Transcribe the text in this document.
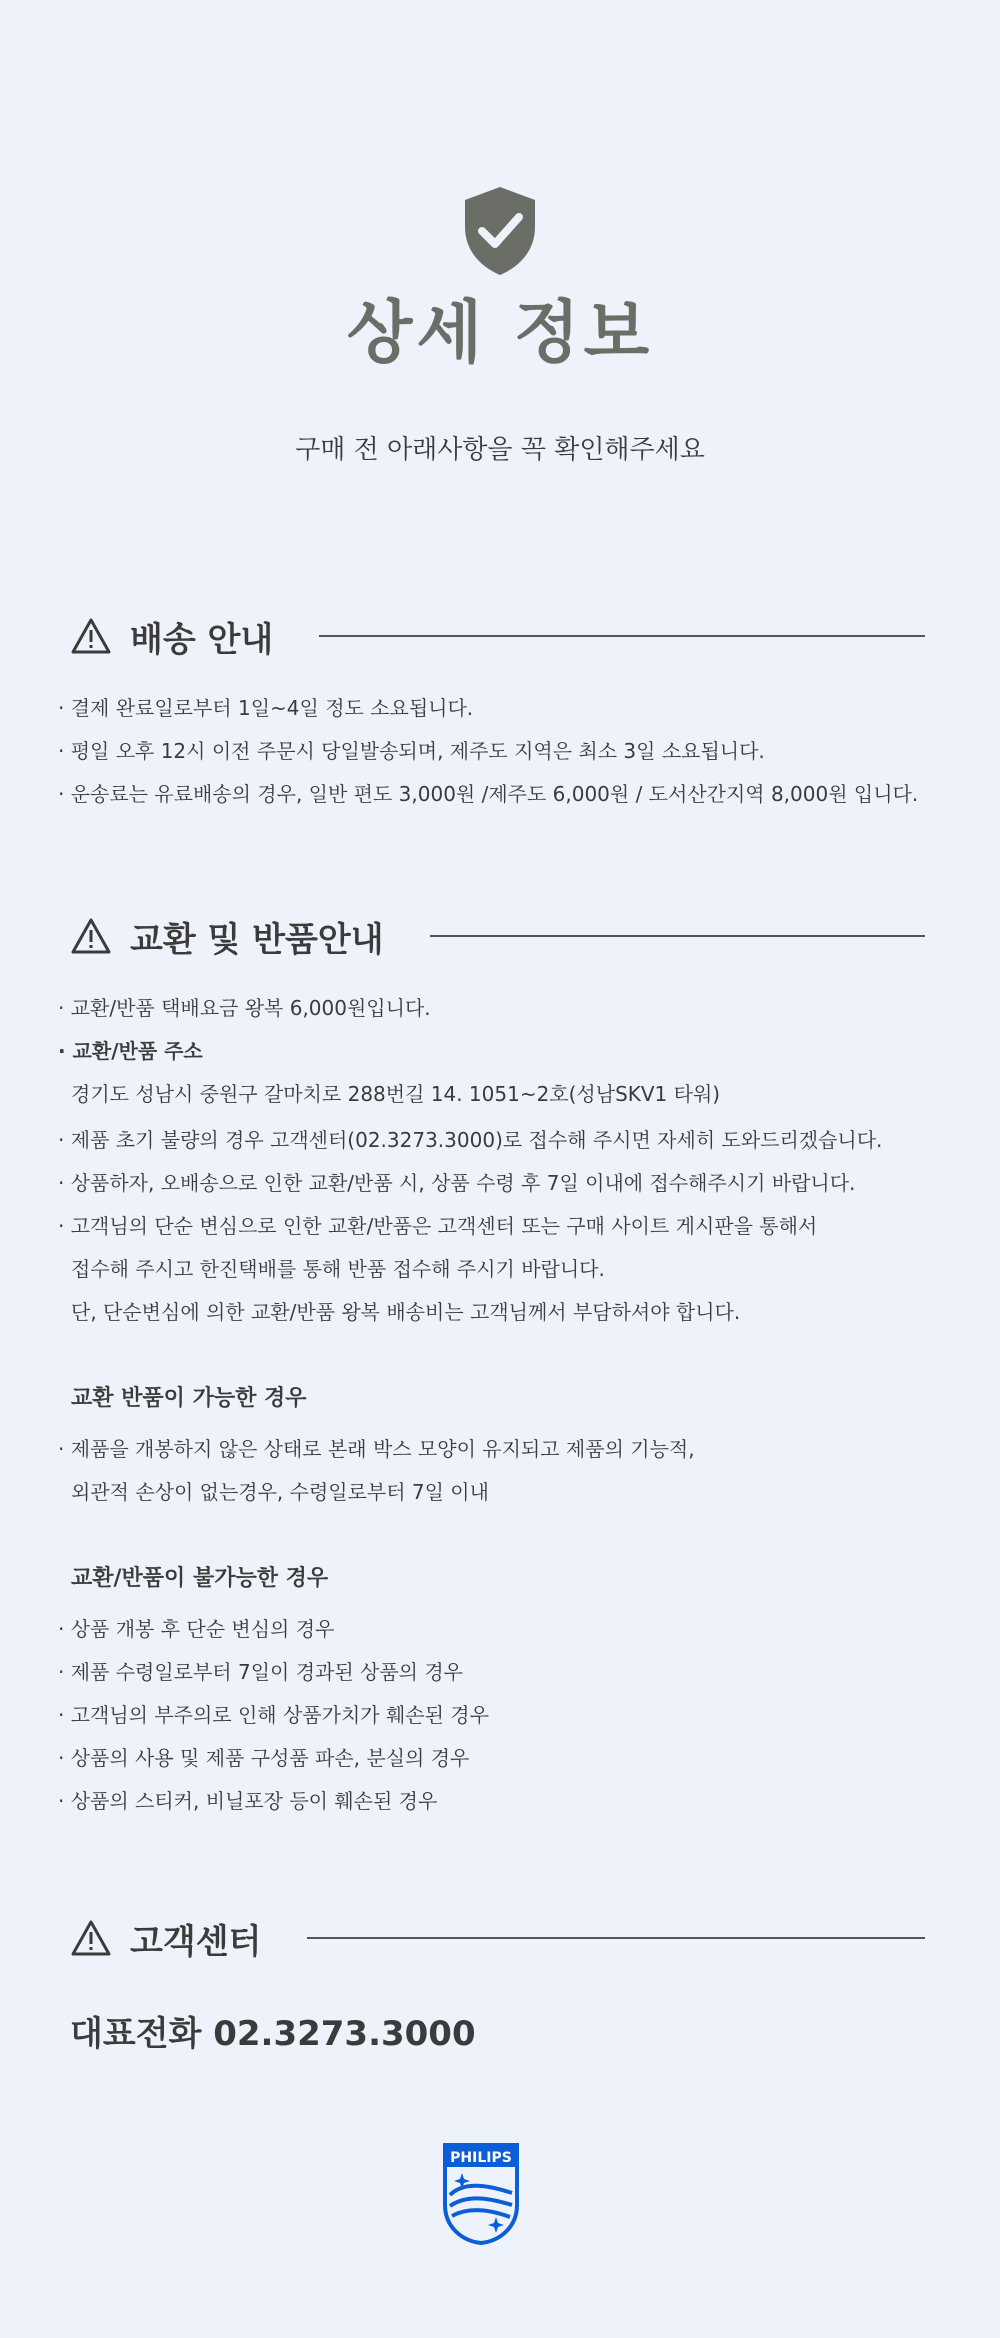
상세 정보
구매 전 아래사항을 꼭 확인해주세요
배송 안내
· 결제 완료일로부터 1일~4일 정도 소요됩니다.
· 평일 오후 12시 이전 주문시 당일발송되며, 제주도 지역은 최소 3일 소요됩니다.
· 운송료는 유료배송의 경우, 일반 편도 3,000원 /제주도 6,000원 / 도서산간지역 8,000원 입니다.
교환 및 반품안내
· 교환/반품 택배요금 왕복 6,000원입니다.
· 교환/반품 주소
경기도 성남시 중원구 갈마치로 288번길 14. 1051~2호(성남SKV1 타워)
· 제품 초기 불량의 경우 고객센터(02.3273.3000)로 접수해 주시면 자세히 도와드리겠습니다.
· 상품하자, 오배송으로 인한 교환/반품 시, 상품 수령 후 7일 이내에 접수해주시기 바랍니다.
· 고객님의 단순 변심으로 인한 교환/반품은 고객센터 또는 구매 사이트 게시판을 통해서
접수해 주시고 한진택배를 통해 반품 접수해 주시기 바랍니다.
단, 단순변심에 의한 교환/반품 왕복 배송비는 고객님께서 부담하셔야 합니다.
교환 반품이 가능한 경우
· 제품을 개봉하지 않은 상태로 본래 박스 모양이 유지되고 제품의 기능적,
외관적 손상이 없는경우, 수령일로부터 7일 이내
교환/반품이 불가능한 경우
· 상품 개봉 후 단순 변심의 경우
· 제품 수령일로부터 7일이 경과된 상품의 경우
· 고객님의 부주의로 인해 상품가치가 훼손된 경우
· 상품의 사용 및 제품 구성품 파손, 분실의 경우
· 상품의 스티커, 비닐포장 등이 훼손된 경우
고객센터
대표전화 02.3273.3000
PHILIPS
